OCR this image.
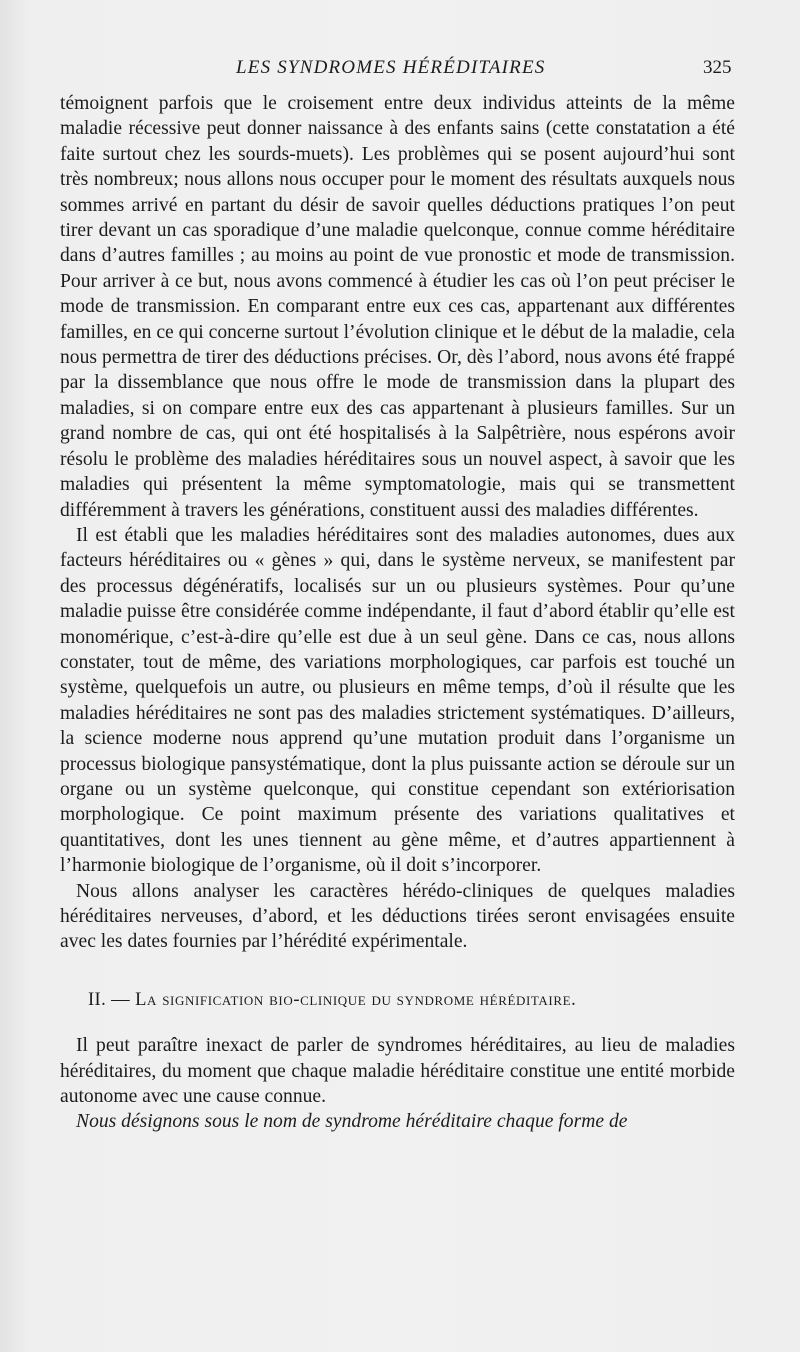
LES SYNDROMES HÉRÉDITAIRES	325

témoignent parfois que le croisement entre deux individus atteints de la même maladie récessive peut donner naissance à des enfants sains (cette constatation a été faite surtout chez les sourds-muets). Les problèmes qui se posent aujourd’hui sont très nombreux; nous allons nous occuper pour le moment des résultats auxquels nous sommes arrivé en partant du désir de savoir quelles déductions pratiques l’on peut tirer devant un cas sporadique d’une maladie quelconque, connue comme héréditaire dans d’autres familles ; au moins au point de vue pronostic et mode de transmission. Pour arriver à ce but, nous avons commencé à étudier les cas où l’on peut préciser le mode de transmission. En comparant entre eux ces cas, appartenant aux différentes familles, en ce qui concerne surtout l’évolution clinique et le début de la maladie, cela nous permettra de tirer des déductions précises. Or, dès l’abord, nous avons été frappé par la dissemblance que nous offre le mode de transmission dans la plupart des maladies, si on compare entre eux des cas appartenant à plusieurs familles. Sur un grand nombre de cas, qui ont été hospitalisés à la Salpêtrière, nous espérons avoir résolu le problème des maladies héréditaires sous un nouvel aspect, à savoir que les maladies qui présentent la même symptomatologie, mais qui se transmettent différemment à travers les générations, constituent aussi des maladies différentes.

Il est établi que les maladies héréditaires sont des maladies autonomes, dues aux facteurs héréditaires ou « gènes » qui, dans le système nerveux, se manifestent par des processus dégénératifs, localisés sur un ou plusieurs systèmes. Pour qu’une maladie puisse être considérée comme indépendante, il faut d’abord établir qu’elle est monomérique, c’est-à-dire qu’elle est due à un seul gène. Dans ce cas, nous allons constater, tout de même, des variations morphologiques, car parfois est touché un système, quelquefois un autre, ou plusieurs en même temps, d’où il résulte que les maladies héréditaires ne sont pas des maladies strictement systématiques. D’ailleurs, la science moderne nous apprend qu’une mutation produit dans l’organisme un processus biologique pansystématique, dont la plus puissante action se déroule sur un organe ou un système quelconque, qui constitue cependant son extériorisation morphologique. Ce point maximum présente des variations qualitatives et quantitatives, dont les unes tiennent au gène même, et d’autres appartiennent à l’harmonie biologique de l’organisme, où il doit s’incorporer.

Nous allons analyser les caractères hérédo-cliniques de quelques maladies héréditaires nerveuses, d’abord, et les déductions tirées seront envisagées ensuite avec les dates fournies par l’hérédité expérimentale.

II. — La signification bio-clinique du syndrome héréditaire.

Il peut paraître inexact de parler de syndromes héréditaires, au lieu de maladies héréditaires, du moment que chaque maladie héréditaire constitue une entité morbide autonome avec une cause connue.

Nous désignons sous le nom de syndrome héréditaire chaque forme de
